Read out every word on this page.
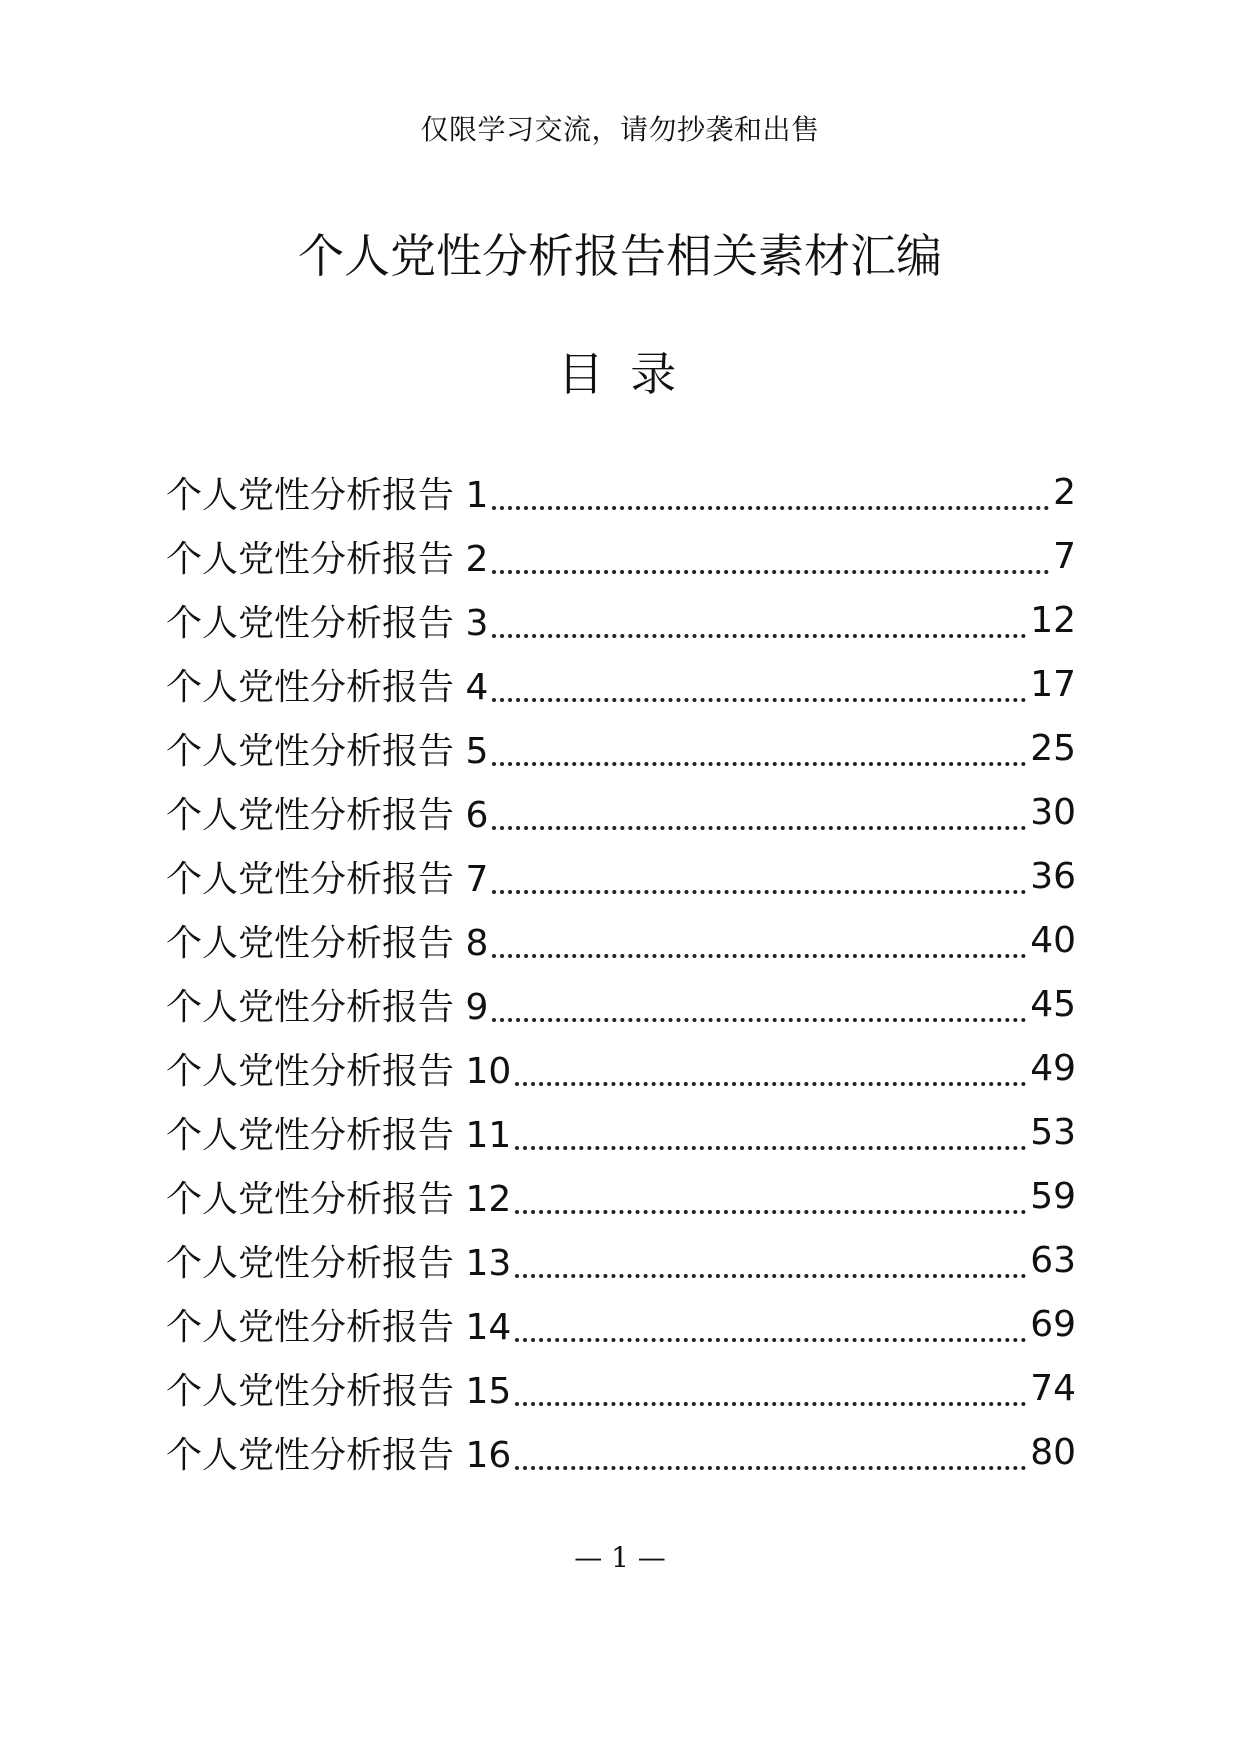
仅限学习交流，请勿抄袭和出售
个人党性分析报告相关素材汇编
目 录
个人党性分析报告 1	2
个人党性分析报告 2	7
个人党性分析报告 3	12
个人党性分析报告 4	17
个人党性分析报告 5	25
个人党性分析报告 6	30
个人党性分析报告 7	36
个人党性分析报告 8	40
个人党性分析报告 9	45
个人党性分析报告 10	49
个人党性分析报告 11	53
个人党性分析报告 12	59
个人党性分析报告 13	63
个人党性分析报告 14	69
个人党性分析报告 15	74
个人党性分析报告 16	80
— 1 —
